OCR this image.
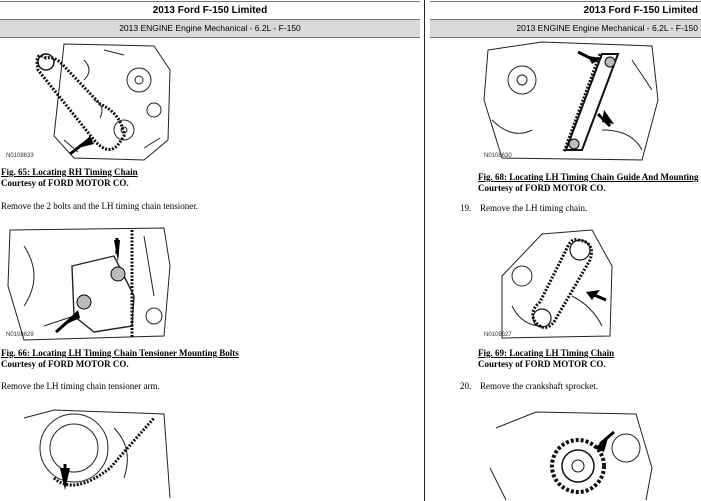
2013 Ford F-150 Limited
2013 ENGINE Engine Mechanical - 6.2L - F-150
N0108633
Fig. 65: Locating RH Timing Chain
Courtesy of FORD MOTOR CO.
Remove the 2 bolts and the LH timing chain tensioner.
N0108629
Fig. 66: Locating LH Timing Chain Tensioner Mounting Bolts
Courtesy of FORD MOTOR CO.
Remove the LH timing chain tensioner arm.
2013 Ford F-150 Limited
2013 ENGINE Engine Mechanical - 6.2L - F-150
N0108630
Fig. 68: Locating LH Timing Chain Guide And Mounting
Courtesy of FORD MOTOR CO.
19. Remove the LH timing chain.
N0108627
Fig. 69: Locating LH Timing Chain
Courtesy of FORD MOTOR CO.
20. Remove the crankshaft sprocket.
